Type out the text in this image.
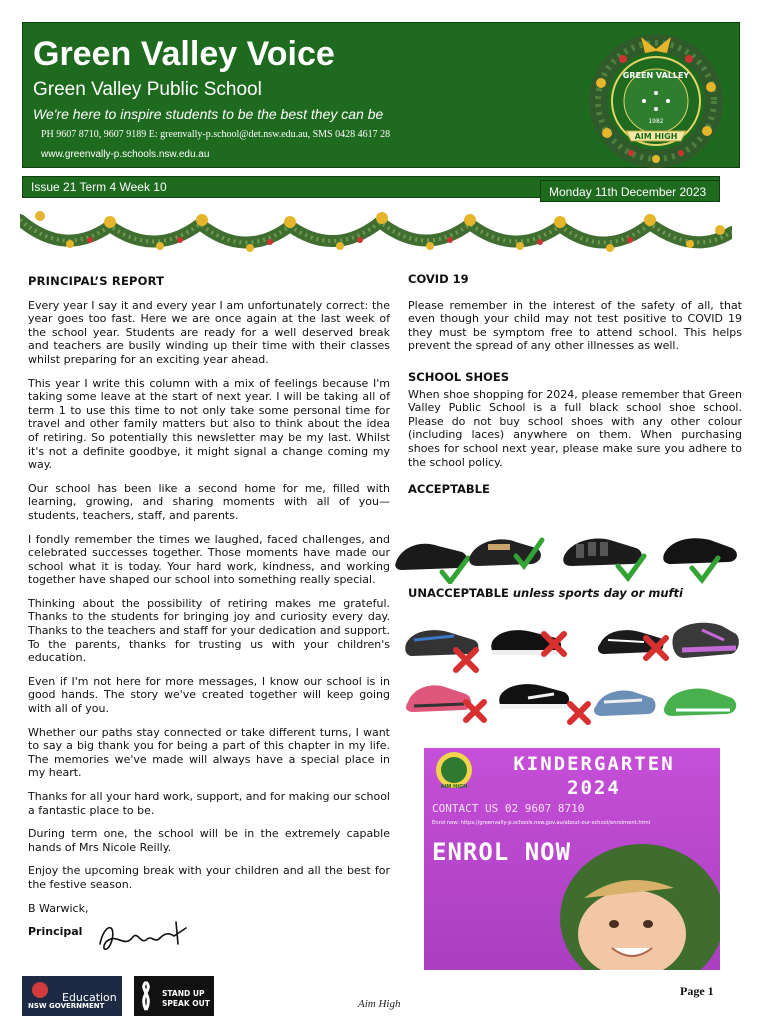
Green Valley Voice
Green Valley Public School
We're here to inspire students to be the best they can be
PH 9607 8710, 9607 9189 E: greenvally-p.school@det.nsw.edu.au, SMS 0428 4617 28
www.greenvally-p.schools.nsw.edu.au
GREEN VALLEY
1982
AIM HIGH
Issue 21 Term 4 Week 10	Monday 11th December 2023
PRINCIPAL’S REPORT

Every year I say it and every year I am unfortunately correct: the year goes too fast. Here we are once again at the last week of the school year. Students are ready for a well deserved break and teachers are busily winding up their time with their classes whilst preparing for an exciting year ahead.

This year I write this column with a mix of feelings because I'm taking some leave at the start of next year. I will be taking all of term 1 to use this time to not only take some personal time for travel and other family matters but also to think about the idea of retiring. So potentially this newsletter may be my last. Whilst it's not a definite goodbye, it might signal a change coming my way.

Our school has been like a second home for me, filled with learning, growing, and sharing moments with all of you—students, teachers, staff, and parents.

I fondly remember the times we laughed, faced challenges, and celebrated successes together. Those moments have made our school what it is today. Your hard work, kindness, and working together have shaped our school into something really special.

Thinking about the possibility of retiring makes me grateful. Thanks to the students for bringing joy and curiosity every day. Thanks to the teachers and staff for your dedication and support. To the parents, thanks for trusting us with your children's education.

Even if I'm not here for more messages, I know our school is in good hands. The story we've created together will keep going with all of you.

Whether our paths stay connected or take different turns, I want to say a big thank you for being a part of this chapter in my life. The memories we've made will always have a special place in my heart.

Thanks for all your hard work, support, and for making our school a fantastic place to be.

During term one, the school will be in the extremely capable hands of Mrs Nicole Reilly.

Enjoy the upcoming break with your children and all the best for the festive season.

B Warwick,
Principal
COVID 19

Please remember in the interest of the safety of all, that even though your child may not test positive to COVID 19 they must be symptom free to attend school. This helps prevent the spread of any other illnesses as well.

SCHOOL SHOES

When shoe shopping for 2024, please remember that Green Valley Public School is a full black school shoe school. Please do not buy school shoes with any other colour (including laces) anywhere on them. When purchasing shoes for school next year, please make sure you adhere to the school policy.

ACCEPTABLE
UNACCEPTABLE unless sports day or mufti
AIM HIGH
KINDERGARTEN
2024
CONTACT US 02 9607 8710
Enrol now: https://greenvally-p.schools.nsw.gov.au/about-our-school/enrolment.html
ENROL NOW
NSW GOVERNMENT
Education	STAND UP
SPEAK OUT	Aim High
Page 1
